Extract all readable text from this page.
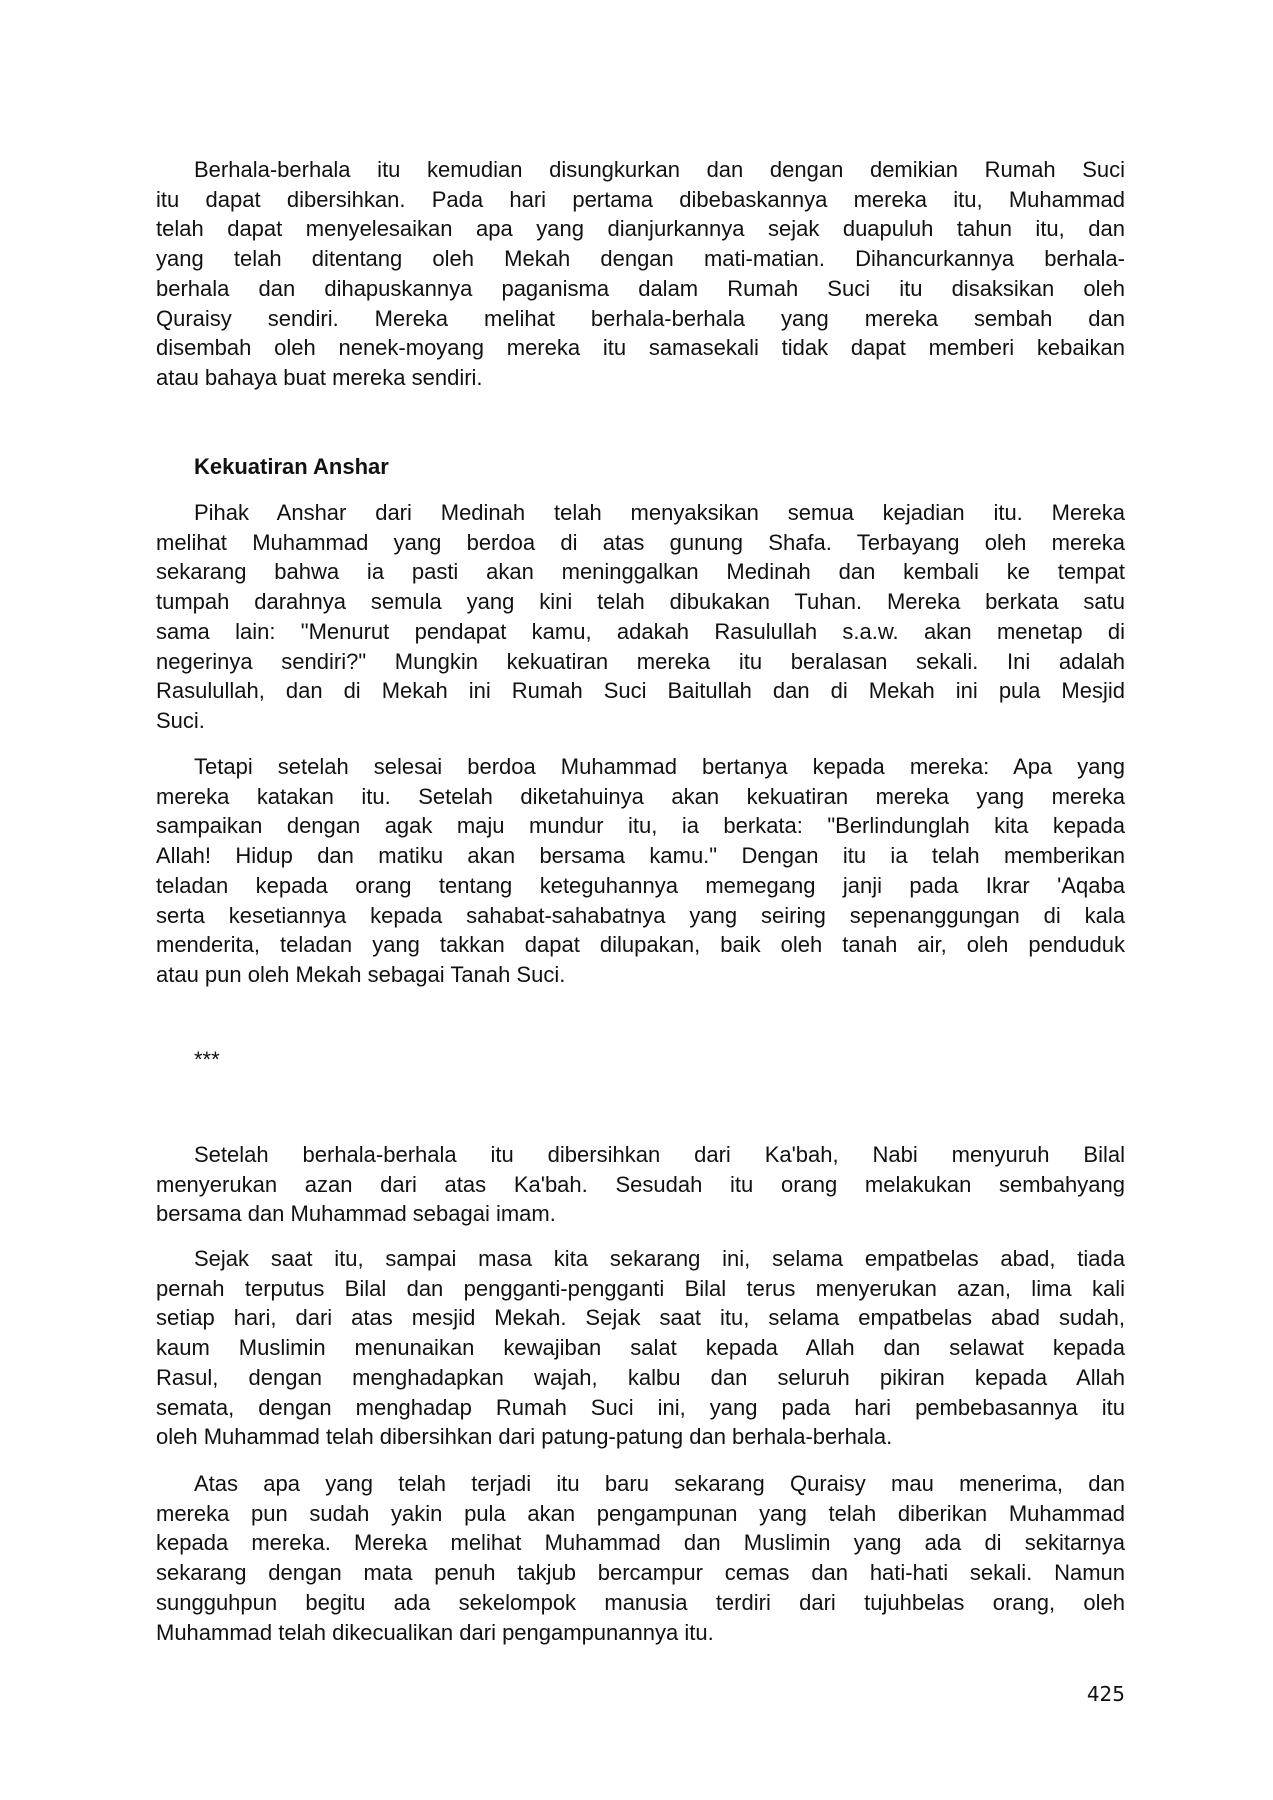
Berhala-berhala itu kemudian disungkurkan dan dengan demikian Rumah Suci
itu dapat dibersihkan. Pada hari pertama dibebaskannya mereka itu, Muhammad
telah dapat menyelesaikan apa yang dianjurkannya sejak duapuluh tahun itu, dan
yang telah ditentang oleh Mekah dengan mati-matian. Dihancurkannya berhala-
berhala dan dihapuskannya paganisma dalam Rumah Suci itu disaksikan oleh
Quraisy sendiri. Mereka melihat berhala-berhala yang mereka sembah dan
disembah oleh nenek-moyang mereka itu samasekali tidak dapat memberi kebaikan
atau bahaya buat mereka sendiri.
Kekuatiran Anshar
Pihak Anshar dari Medinah telah menyaksikan semua kejadian itu. Mereka
melihat Muhammad yang berdoa di atas gunung Shafa. Terbayang oleh mereka
sekarang bahwa ia pasti akan meninggalkan Medinah dan kembali ke tempat
tumpah darahnya semula yang kini telah dibukakan Tuhan. Mereka berkata satu
sama lain: "Menurut pendapat kamu, adakah Rasulullah s.a.w. akan menetap di
negerinya sendiri?" Mungkin kekuatiran mereka itu beralasan sekali. Ini adalah
Rasulullah, dan di Mekah ini Rumah Suci Baitullah dan di Mekah ini pula Mesjid
Suci.
Tetapi setelah selesai berdoa Muhammad bertanya kepada mereka: Apa yang
mereka katakan itu. Setelah diketahuinya akan kekuatiran mereka yang mereka
sampaikan dengan agak maju mundur itu, ia berkata: "Berlindunglah kita kepada
Allah! Hidup dan matiku akan bersama kamu." Dengan itu ia telah memberikan
teladan kepada orang tentang keteguhannya memegang janji pada Ikrar 'Aqaba
serta kesetiannya kepada sahabat-sahabatnya yang seiring sepenanggungan di kala
menderita, teladan yang takkan dapat dilupakan, baik oleh tanah air, oleh penduduk
atau pun oleh Mekah sebagai Tanah Suci.
***
Setelah berhala-berhala itu dibersihkan dari Ka'bah, Nabi menyuruh Bilal
menyerukan azan dari atas Ka'bah. Sesudah itu orang melakukan sembahyang
bersama dan Muhammad sebagai imam.
Sejak saat itu, sampai masa kita sekarang ini, selama empatbelas abad, tiada
pernah terputus Bilal dan pengganti-pengganti Bilal terus menyerukan azan, lima kali
setiap hari, dari atas mesjid Mekah. Sejak saat itu, selama empatbelas abad sudah,
kaum Muslimin menunaikan kewajiban salat kepada Allah dan selawat kepada
Rasul, dengan menghadapkan wajah, kalbu dan seluruh pikiran kepada Allah
semata, dengan menghadap Rumah Suci ini, yang pada hari pembebasannya itu
oleh Muhammad telah dibersihkan dari patung-patung dan berhala-berhala.
Atas apa yang telah terjadi itu baru sekarang Quraisy mau menerima, dan
mereka pun sudah yakin pula akan pengampunan yang telah diberikan Muhammad
kepada mereka. Mereka melihat Muhammad dan Muslimin yang ada di sekitarnya
sekarang dengan mata penuh takjub bercampur cemas dan hati-hati sekali. Namun
sungguhpun begitu ada sekelompok manusia terdiri dari tujuhbelas orang, oleh
Muhammad telah dikecualikan dari pengampunannya itu.
425
